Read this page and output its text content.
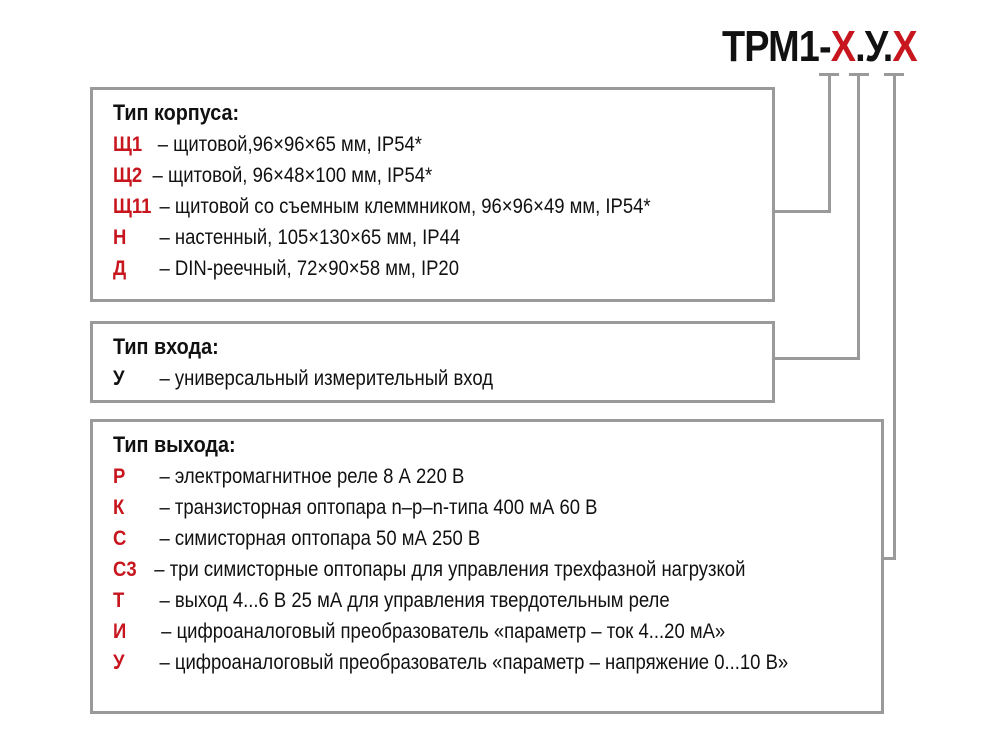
ТРМ1-Х.У.Х
Тип корпуса:
Щ1 – щитовой,96×96×65 мм, IP54*
Щ2 – щитовой, 96×48×100 мм, IP54*
Щ11 – щитовой со съемным клеммником, 96×96×49 мм, IP54*
Н – настенный, 105×130×65 мм, IP44
Д – DIN-реечный, 72×90×58 мм, IP20
Тип входа:
У – универсальный измерительный вход
Тип выхода:
Р – электромагнитное реле 8 А 220 В
К – транзисторная оптопара n–p–n-типа 400 мА 60 В
С – симисторная оптопара 50 мА 250 В
С3 – три симисторные оптопары для управления трехфазной нагрузкой
Т – выход 4...6 В 25 мА для управления твердотельным реле
И – цифроаналоговый преобразователь «параметр – ток 4...20 мА»
У – цифроаналоговый преобразователь «параметр – напряжение 0...10 В»
